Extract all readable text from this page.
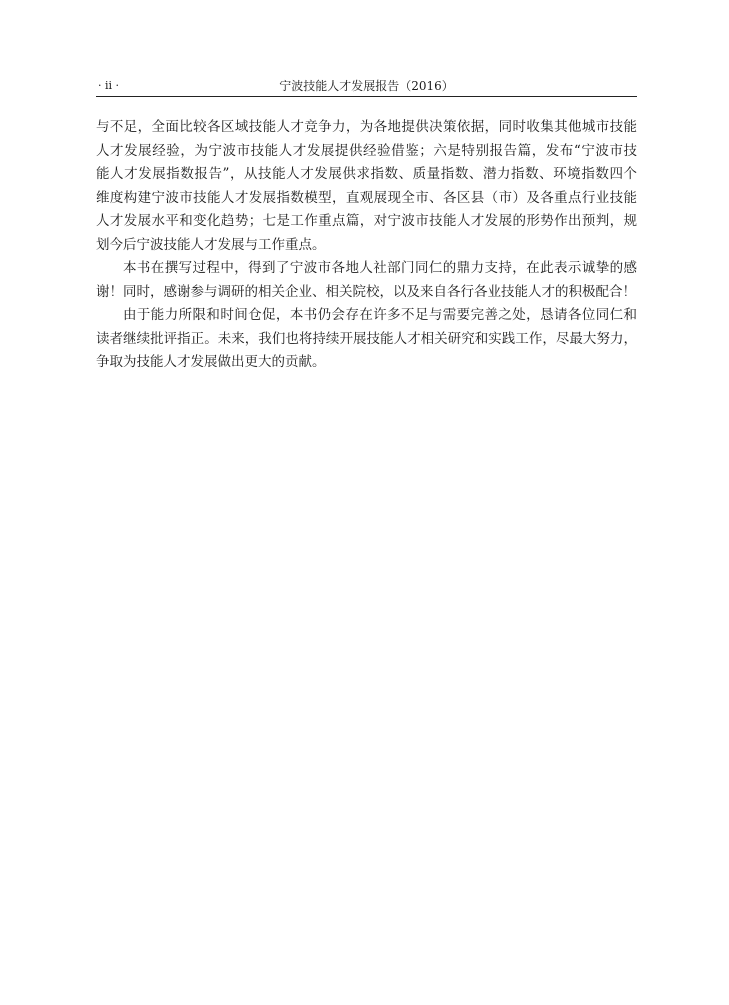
· ii ·	宁波技能人才发展报告（2016）
与不足，全面比较各区域技能人才竞争力，为各地提供决策依据，同时收集其他城市技能
人才发展经验，为宁波市技能人才发展提供经验借鉴；六是特别报告篇，发布“宁波市技
能人才发展指数报告”，从技能人才发展供求指数、质量指数、潜力指数、环境指数四个
维度构建宁波市技能人才发展指数模型，直观展现全市、各区县（市）及各重点行业技能
人才发展水平和变化趋势；七是工作重点篇，对宁波市技能人才发展的形势作出预判，规
划今后宁波技能人才发展与工作重点。
本书在撰写过程中，得到了宁波市各地人社部门同仁的鼎力支持，在此表示诚挚的感
谢！同时，感谢参与调研的相关企业、相关院校，以及来自各行各业技能人才的积极配合！
由于能力所限和时间仓促，本书仍会存在许多不足与需要完善之处，恳请各位同仁和
读者继续批评指正。未来，我们也将持续开展技能人才相关研究和实践工作，尽最大努力，
争取为技能人才发展做出更大的贡献。
